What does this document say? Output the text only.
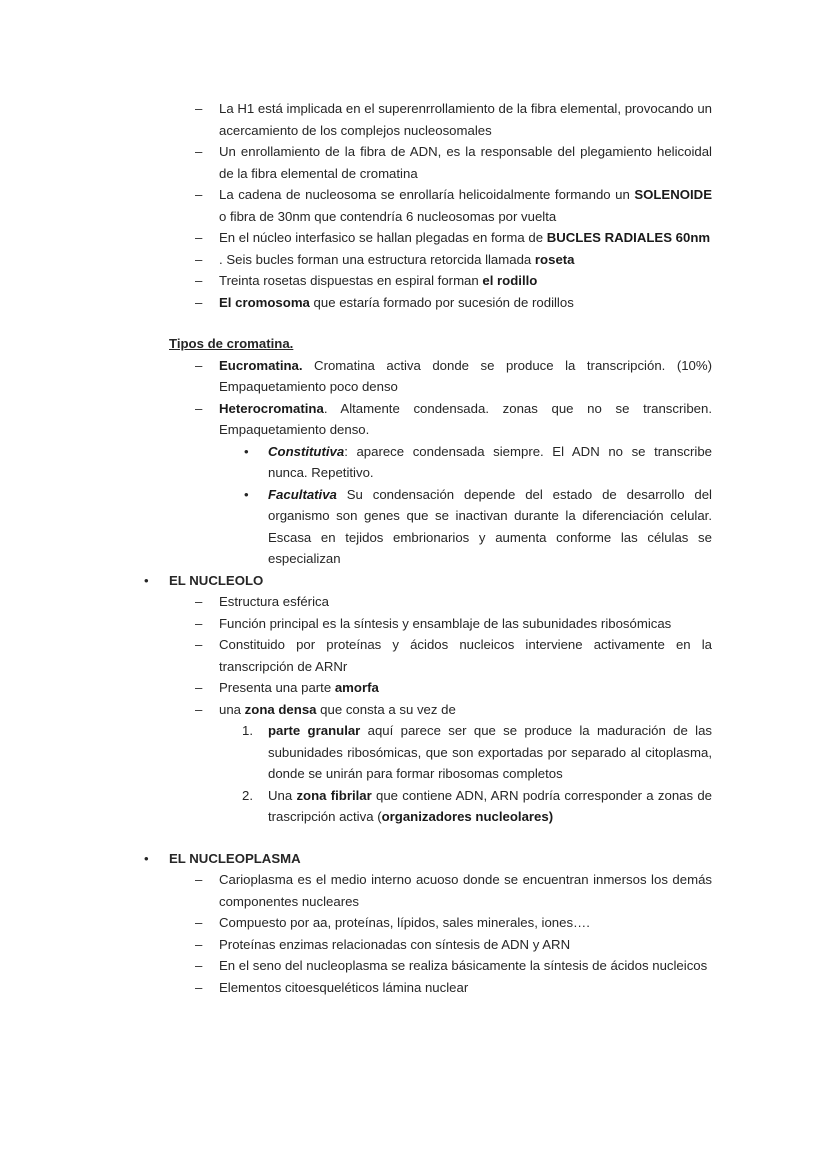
– La H1 está implicada en el superenrrollamiento de la fibra elemental, provocando un acercamiento de los complejos nucleosomales
– Un enrollamiento de la fibra de ADN, es la responsable del plegamiento helicoidal de la fibra elemental de cromatina
– La cadena de nucleosoma se enrollaría helicoidalmente formando un SOLENOIDE o fibra de 30nm que contendría 6 nucleosomas por vuelta
– En el núcleo interfasico se hallan plegadas en forma de BUCLES RADIALES 60nm
– . Seis bucles forman una estructura retorcida llamada roseta
– Treinta rosetas dispuestas en espiral forman el rodillo
– El cromosoma que estaría formado por sucesión de rodillos
Tipos de cromatina.
– Eucromatina. Cromatina activa donde se produce la transcripción. (10%) Empaquetamiento poco denso
– Heterocromatina. Altamente condensada. zonas que no se transcriben. Empaquetamiento denso.
• Constitutiva: aparece condensada siempre. El ADN no se transcribe nunca. Repetitivo.
• Facultativa Su condensación depende del estado de desarrollo del organismo son genes que se inactivan durante la diferenciación celular. Escasa en tejidos embrionarios y aumenta conforme las células se especializan
• EL NUCLEOLO
– Estructura esférica
– Función principal es la síntesis y ensamblaje de las subunidades ribosómicas
– Constituido por proteínas y ácidos nucleicos interviene activamente en la transcripción de ARNr
– Presenta una parte amorfa
– una zona densa que consta a su vez de
1. parte granular aquí parece ser que se produce la maduración de las subunidades ribosómicas, que son exportadas por separado al citoplasma, donde se unirán para formar ribosomas completos
2. Una zona fibrilar que contiene ADN, ARN podría corresponder a zonas de trascripción activa (organizadores nucleolares)
• EL NUCLEOPLASMA
– Carioplasma es el medio interno acuoso donde se encuentran inmersos los demás componentes nucleares
– Compuesto por aa, proteínas, lípidos, sales minerales, iones….
– Proteínas enzimas relacionadas con síntesis de ADN y ARN
– En el seno del nucleoplasma se realiza básicamente la síntesis de ácidos nucleicos
– Elementos citoesqueléticos lámina nuclear
